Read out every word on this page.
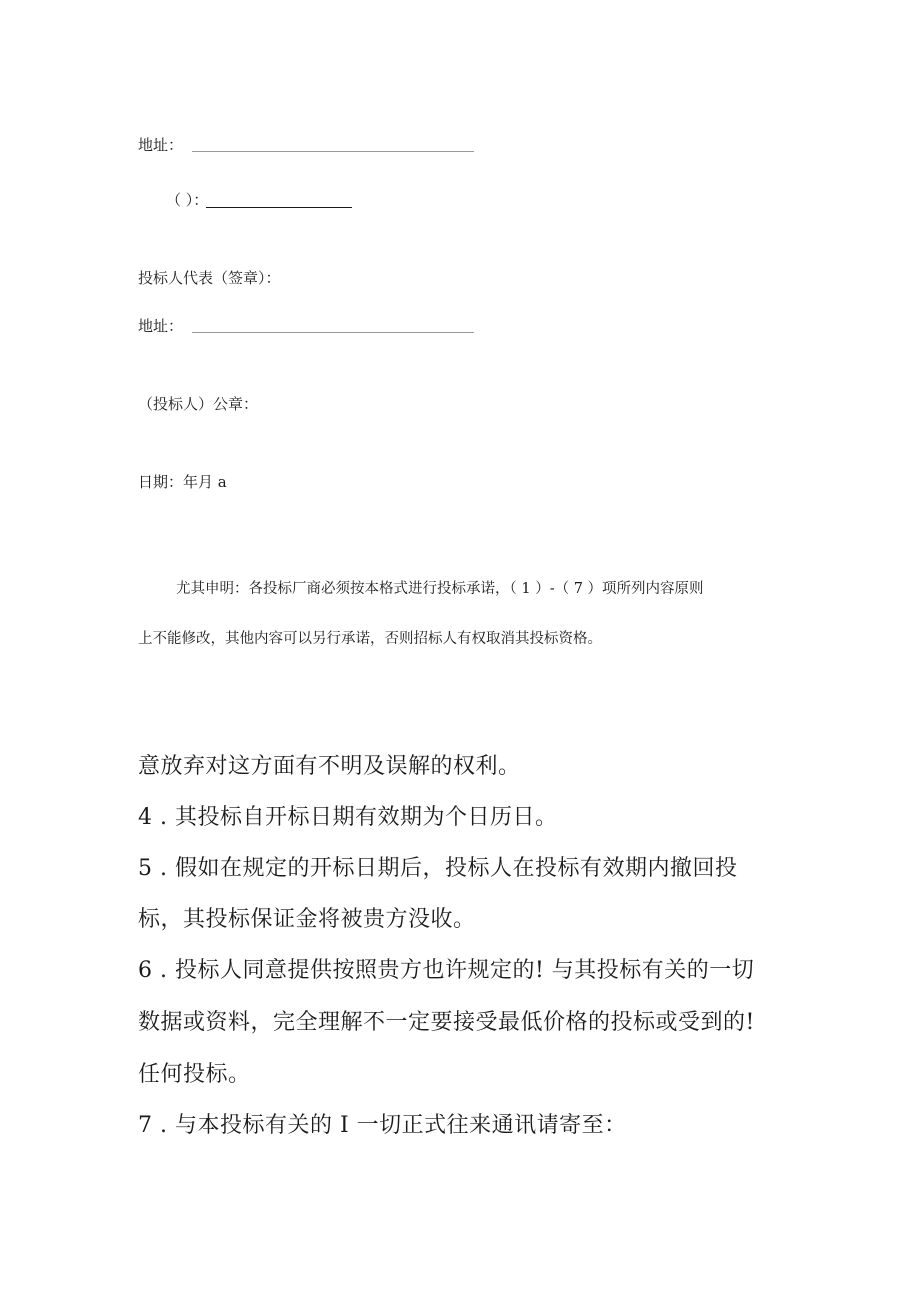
地址：
（ ）：
投标人代表（签章）：
地址：
（投标人）公章：
日期：年月 a
尤其申明：各投标厂商必须按本格式进行投标承诺，（ 1 ）-（ 7 ）项所列内容原则
上不能修改，其他内容可以另行承诺，否则招标人有权取消其投标资格。
意放弃对这方面有不明及误解的权利。
4 . 其投标自开标日期有效期为个日历日。
5 . 假如在规定的开标日期后，投标人在投标有效期内撤回投
标，其投标保证金将被贵方没收。
6 . 投标人同意提供按照贵方也许规定的! 与其投标有关的一切
数据或资料，完全理解不一定要接受最低价格的投标或受到的!
任何投标。
7 . 与本投标有关的 I 一切正式往来通讯请寄至：
